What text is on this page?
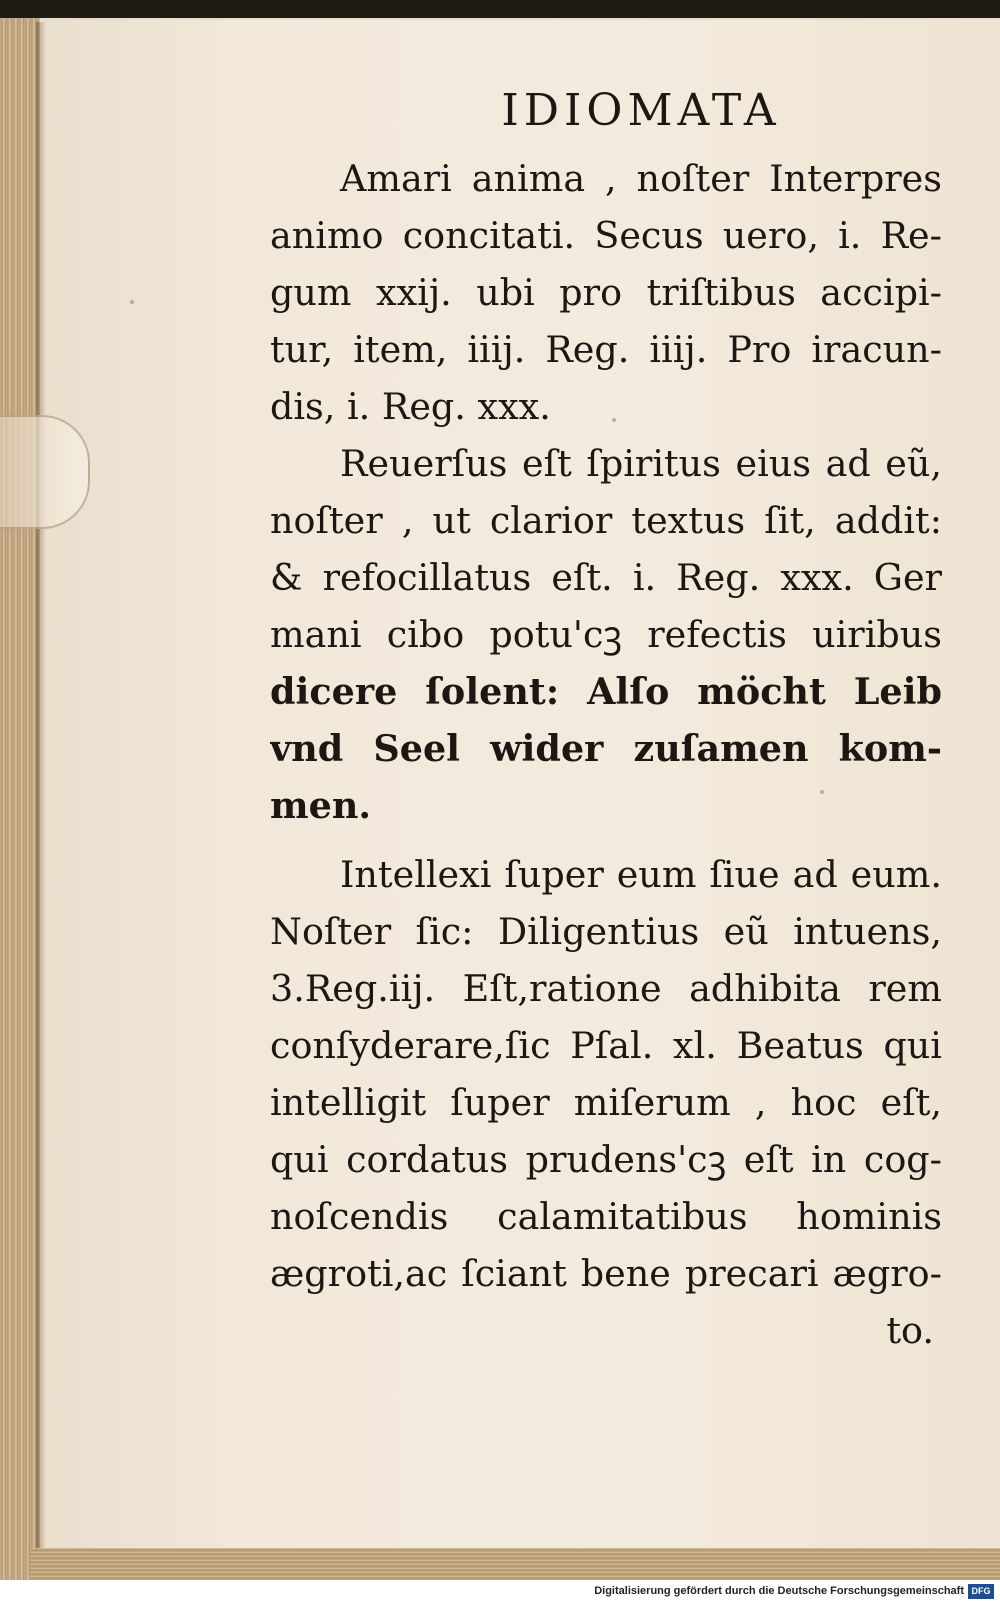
IDIOMATA
Amari anima , noſter Interpres
animo concitati. Secus uero, i. Re-
gum xxij. ubi pro triſtibus accipi-
tur, item, iiij. Reg. iiij. Pro iracun-
dis, i. Reg. xxx.
Reuerſus eſt ſpiritus eius ad eũ,
noſter , ut clarior textus ſit, addit:
& refocillatus eſt. i. Reg. xxx. Ger
mani cibo potu'cꝫ refectis uiribus
dicere ſolent: Alſo möcht Leib
vnd Seel wider zuſamen kom-
men.
Intellexi ſuper eum ſiue ad eum.
Noſter ſic: Diligentius eũ intuens,
3.Reg.iij. Eſt,ratione adhibita rem
conſyderare,ſic Pſal. xl. Beatus qui
intelligit ſuper miſerum , hoc eſt,
qui cordatus prudens'cꝫ eſt in cog-
noſcendis calamitatibus hominis
ægroti,ac ſciant bene precari ægro-
to.
Digitalisierung gefördert durch die Deutsche Forschungsgemeinschaft DFG
